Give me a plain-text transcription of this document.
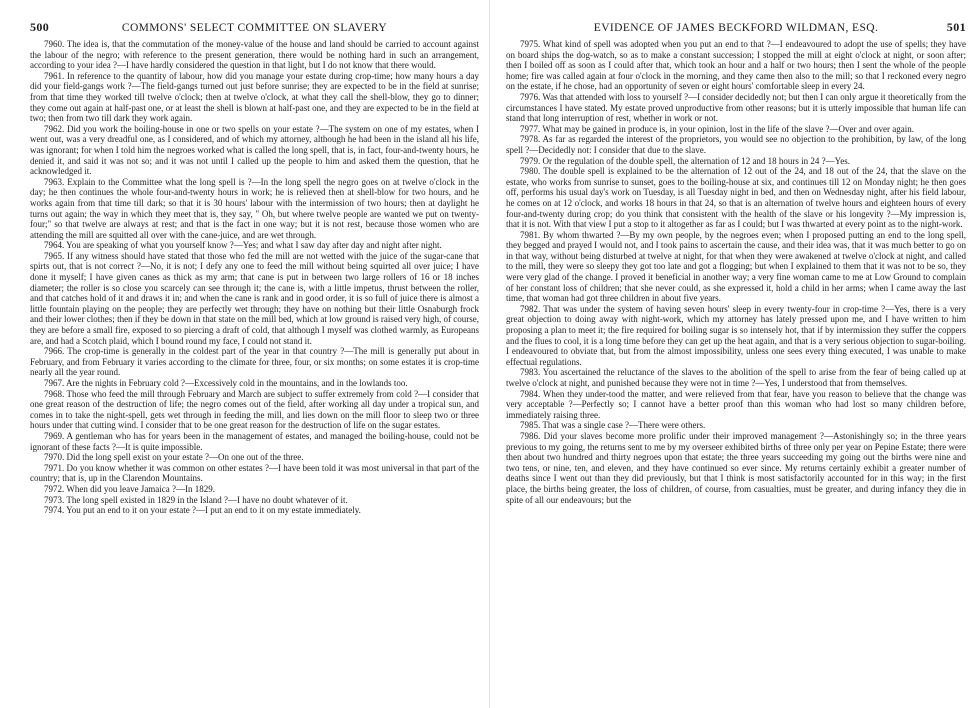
500	COMMONS' SELECT COMMITTEE ON SLAVERY

7960. The idea is, that the commutation of the money-value of the house and land should be carried to account against the labour of the negro; with reference to the present generation, there would be nothing hard in such an arrangement, according to your idea ?—I have hardly considered the question in that light, but I do not know that there would.

7961. In reference to the quantity of labour, how did you manage your estate during crop-time; how many hours a day did your field-gangs work ?—The field-gangs turned out just before sunrise; they are expected to be in the field at sunrise; from that time they worked till twelve o'clock; then at twelve o'clock, at what they call the shell-blow, they go to dinner; they come out again at half-past one, or at least the shell is blown at half-past one, and they are expected to be in the field at two; then from two till dark they work again.

7962. Did you work the boiling-house in one or two spells on your estate ?—The system on one of my estates, when I went out, was a very dreadful one, as I considered, and of which my attorney, although he had been in the island all his life, was ignorant; for when I told him the negroes worked what is called the long spell, that is, in fact, four-and-twenty hours, he denied it, and said it was not so; and it was not until I called up the people to him and asked them the question, that he acknowledged it.

7963. Explain to the Committee what the long spell is ?—In the long spell the negro goes on at twelve o'clock in the day; he then continues the whole four-and-twenty hours in work; he is relieved then at shell-blow for two hours, and he works again from that time till dark; so that it is 30 hours' labour with the intermission of two hours; then at daylight he turns out again; the way in which they meet that is, they say, " Oh, but where twelve people are wanted we put on twenty-four;" so that twelve are always at rest; and that is the fact in one way; but it is not rest, because those women who are attending the mill are squitted all over with the cane-juice, and are wet through.

7964. You are speaking of what you yourself know ?—Yes; and what I saw day after day and night after night.

7965. If any witness should have stated that those who fed the mill are not wetted with the juice of the sugar-cane that spirts out, that is not correct ?—No, it is not; I defy any one to feed the mill without being squirted all over juice; I have done it myself; I have given canes as thick as my arm; that cane is put in between two large rollers of 16 or 18 inches diameter; the roller is so close you scarcely can see through it; the cane is, with a little impetus, thrust between the roller, and that catches hold of it and draws it in; and when the cane is rank and in good order, it is so full of juice there is almost a little fountain playing on the people; they are perfectly wet through; they have on nothing but their little Osnaburgh frock and their lower clothes; then if they be down in that state on the mill bed, which at low ground is raised very high, of course, they are before a small fire, exposed to so piercing a draft of cold, that although I myself was clothed warmly, as Europeans are, and had a Scotch plaid, which I bound round my face, I could not stand it.

7966. The crop-time is generally in the coldest part of the year in that country ?—The mill is generally put about in February, and from February it varies according to the climate for three, four, or six months; on some estates it is crop-time nearly all the year round.

7967. Are the nights in February cold ?—Excessively cold in the mountains, and in the lowlands too.

7968. Those who feed the mill through February and March are subject to suffer extremely from cold ?—I consider that one great reason of the destruction of life; the negro comes out of the field, after working all day under a tropical sun, and comes in to take the night-spell, gets wet through in feeding the mill, and lies down on the mill floor to sleep two or three hours under that cutting wind. I consider that to be one great reason for the destruction of life on the sugar estates.

7969. A gentleman who has for years been in the management of estates, and managed the boiling-house, could not be ignorant of these facts ?—It is quite impossible.

7970. Did the long spell exist on your estate ?—On one out of the three.

7971. Do you know whether it was common on other estates ?—I have been told it was most universal in that part of the country; that is, up in the Clarendon Mountains.

7972. When did you leave Jamaica ?—In 1829.

7973. The long spell existed in 1829 in the Island ?—I have no doubt whatever of it.

7974. You put an end to it on your estate ?—I put an end to it on my estate immediately.

EVIDENCE OF JAMES BECKFORD WILDMAN, ESQ.	501

7975. What kind of spell was adopted when you put an end to that ?—I endeavoured to adopt the use of spells; they have on board ships the dog-watch, so as to make a constant succession; I stopped the mill at eight o'clock at night, or soon after; then I boiled off as soon as I could after that, which took an hour and a half or two hours; then I sent the whole of the people home; fire was called again at four o'clock in the morning, and they came then also to the mill; so that I reckoned every negro on the estate, if he chose, had an opportunity of seven or eight hours' comfortable sleep in every 24.

7976. Was that attended with loss to yourself ?—I consider decidedly not; but then I can only argue it theoretically from the circumstances I have stated. My estate proved unproductive from other reasons; but it is utterly impossible that human life can stand that long interruption of rest, whether in work or not.

7977. What may be gained in produce is, in your opinion, lost in the life of the slave ?—Over and over again.

7978. As far as regarded the interest of the proprietors, you would see no objection to the prohibition, by law, of the long spell ?—Decidedly not: I consider that due to the slave.

7979. Or the regulation of the double spell, the alternation of 12 and 18 hours in 24 ?—Yes.

7980. The double spell is explained to be the alternation of 12 out of the 24, and 18 out of the 24, that the slave on the estate, who works from sunrise to sunset, goes to the boiling-house at six, and continues till 12 on Monday night; he then goes off, performs his usual day's work on Tuesday, is all Tuesday night in bed, and then on Wednesday night, after his field labour, he comes on at 12 o'clock, and works 18 hours in that 24, so that is an alternation of twelve hours and eighteen hours of every four-and-twenty during crop; do you think that consistent with the health of the slave or his longevity ?—My impression is, that it is not. With that view I put a stop to it altogether as far as I could; but I was thwarted at every point as to the night-work.

7981. By whom thwarted ?—By my own people, by the negroes even; when I proposed putting an end to the long spell, they begged and prayed I would not, and I took pains to ascertain the cause, and their idea was, that it was much better to go on in that way, without being disturbed at twelve at night, for that when they were awakened at twelve o'clock at night, and called to the mill, they were so sleepy they got too late and got a flogging; but when I explained to them that it was not to be so, they were very glad of the change. I proved it beneficial in another way; a very fine woman came to me at Low Ground to complain of her constant loss of children; that she never could, as she expressed it, hold a child in her arms; when I came away the last time, that woman had got three children in about five years.

7982. That was under the system of having seven hours' sleep in every twenty-four in crop-time ?—Yes, there is a very great objection to doing away with night-work, which my attorney has lately pressed upon me, and I have written to him proposing a plan to meet it; the fire required for boiling sugar is so intensely hot, that if by intermission they suffer the coppers and the flues to cool, it is a long time before they can get up the heat again, and that is a very serious objection to sugar-boiling. I endeavoured to obviate that, but from the almost impossibility, unless one sees every thing executed, I was unable to make effectual regulations.

7983. You ascertained the reluctance of the slaves to the abolition of the spell to arise from the fear of being called up at twelve o'clock at night, and punished because they were not in time ?—Yes, I understood that from themselves.

7984. When they under-tood the matter, and were relieved from that fear, have you reason to believe that the change was very acceptable ?—Perfectly so; I cannot have a better proof than this woman who had lost so many children before, immediately raising three.

7985. That was a single case ?—There were others.

7986. Did your slaves become more prolific under their improved management ?—Astonishingly so; in the three years previous to my going, the returns sent to me by my overseer exhibited births of three only per year on Pepine Estate; there were then about two hundred and thirty negroes upon that estate; the three years succeeding my going out the births were nine and two tens, or nine, ten, and eleven, and they have continued so ever since. My returns certainly exhibit a greater number of deaths since I went out than they did previously, but that I think is most satisfactorily accounted for in this way; in the first place, the births being greater, the loss of children, of course, from casualties, must be greater, and during infancy they die in spite of all our endeavours; but the
